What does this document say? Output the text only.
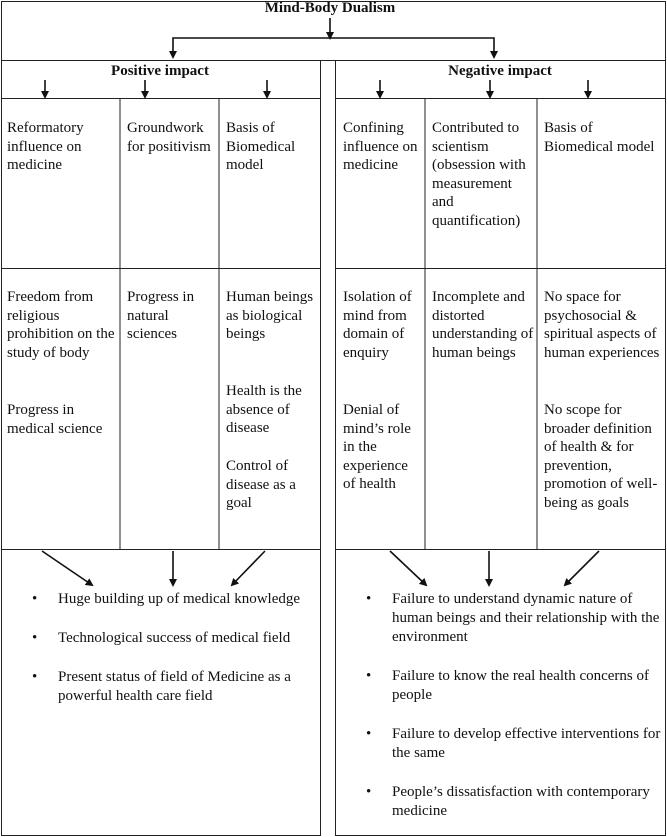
Mind-Body Dualism
Positive impact	Negative impact
Reformatory influence on medicine
Groundwork for positivism
Basis of Biomedical model
Confining influence on medicine
Contributed to scientism (obsession with measurement and quantification)
Basis of Biomedical model
Freedom from religious prohibition on the study of body
Progress in medical science
Progress in natural sciences
Human beings as biological beings
Health is the absence of disease
Control of disease as a goal
Isolation of mind from domain of enquiry
Denial of mind’s role in the experience of health
Incomplete and distorted understanding of human beings
No space for psychosocial & spiritual aspects of human experiences
No scope for broader definition of health & for prevention, promotion of well-being as goals
• Huge building up of medical knowledge
• Technological success of medical field
• Present status of field of Medicine as a powerful health care field
• Failure to understand dynamic nature of human beings and their relationship with the environment
• Failure to know the real health concerns of people
• Failure to develop effective interventions for the same
• People’s dissatisfaction with contemporary medicine
